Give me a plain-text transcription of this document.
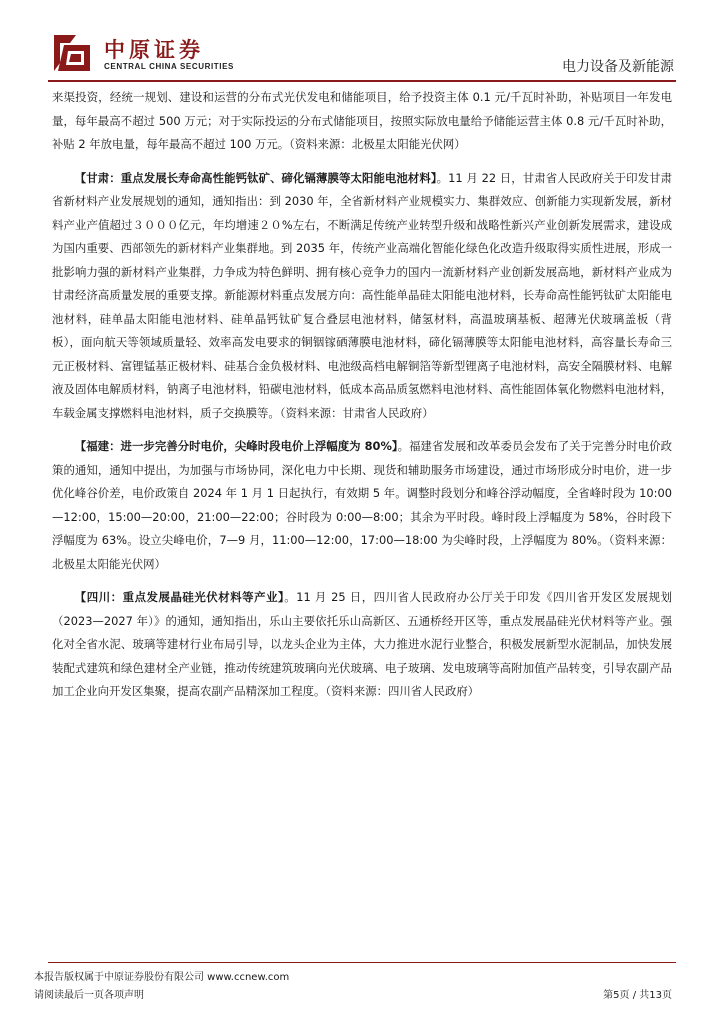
中原证券
CENTRAL CHINA SECURITIES	电力设备及新能源

来渠投资，经统一规划、建设和运营的分布式光伏发电和储能项目，给予投资主体 0.1 元/千瓦时补助，补贴项目一年发电量，每年最高不超过 500 万元；对于实际投运的分布式储能项目，按照实际放电量给予储能运营主体 0.8 元/千瓦时补助，补贴 2 年放电量，每年最高不超过 100 万元。（资料来源：北极星太阳能光伏网）

【甘肃：重点发展长寿命高性能钙钛矿、碲化镉薄膜等太阳能电池材料】。11 月 22 日，甘肃省人民政府关于印发甘肃省新材料产业发展规划的通知，通知指出：到 2030 年，全省新材料产业规模实力、集群效应、创新能力实现新发展，新材料产业产值超过３０００亿元，年均增速２０%左右，不断满足传统产业转型升级和战略性新兴产业创新发展需求，建设成为国内重要、西部领先的新材料产业集群地。到 2035 年，传统产业高端化智能化绿色化改造升级取得实质性进展，形成一批影响力强的新材料产业集群，力争成为特色鲜明、拥有核心竞争力的国内一流新材料产业创新发展高地，新材料产业成为甘肃经济高质量发展的重要支撑。新能源材料重点发展方向：高性能单晶硅太阳能电池材料，长寿命高性能钙钛矿太阳能电池材料，硅单晶太阳能电池材料、硅单晶钙钛矿复合叠层电池材料，储氢材料，高温玻璃基板、超薄光伏玻璃盖板（背板），面向航天等领域质量轻、效率高发电要求的铜铟镓硒薄膜电池材料，碲化镉薄膜等太阳能电池材料，高容量长寿命三元正极材料、富锂锰基正极材料、硅基合金负极材料、电池级高档电解铜箔等新型锂离子电池材料，高安全隔膜材料、电解液及固体电解质材料，钠离子电池材料，铅碳电池材料，低成本高品质氢燃料电池材料、高性能固体氧化物燃料电池材料，车载金属支撑燃料电池材料，质子交换膜等。（资料来源：甘肃省人民政府）

【福建：进一步完善分时电价，尖峰时段电价上浮幅度为 80%】。福建省发展和改革委员会发布了关于完善分时电价政策的通知，通知中提出，为加强与市场协同，深化电力中长期、现货和辅助服务市场建设，通过市场形成分时电价，进一步优化峰谷价差，电价政策自 2024 年 1 月 1 日起执行，有效期 5 年。调整时段划分和峰谷浮动幅度，全省峰时段为 10:00—12:00，15:00—20:00，21:00—22:00；谷时段为 0:00—8:00；其余为平时段。峰时段上浮幅度为 58%，谷时段下浮幅度为 63%。设立尖峰电价，7—9 月，11:00—12:00，17:00—18:00 为尖峰时段，上浮幅度为 80%。（资料来源：北极星太阳能光伏网）

【四川：重点发展晶硅光伏材料等产业】。11 月 25 日，四川省人民政府办公厅关于印发《四川省开发区发展规划（2023—2027 年）》的通知，通知指出，乐山主要依托乐山高新区、五通桥经开区等，重点发展晶硅光伏材料等产业。强化对全省水泥、玻璃等建材行业布局引导，以龙头企业为主体，大力推进水泥行业整合，积极发展新型水泥制品，加快发展装配式建筑和绿色建材全产业链，推动传统建筑玻璃向光伏玻璃、电子玻璃、发电玻璃等高附加值产品转变，引导农副产品加工企业向开发区集聚，提高农副产品精深加工程度。（资料来源：四川省人民政府）

本报告版权属于中原证券股份有限公司 www.ccnew.com
请阅读最后一页各项声明	第5页 / 共13页
